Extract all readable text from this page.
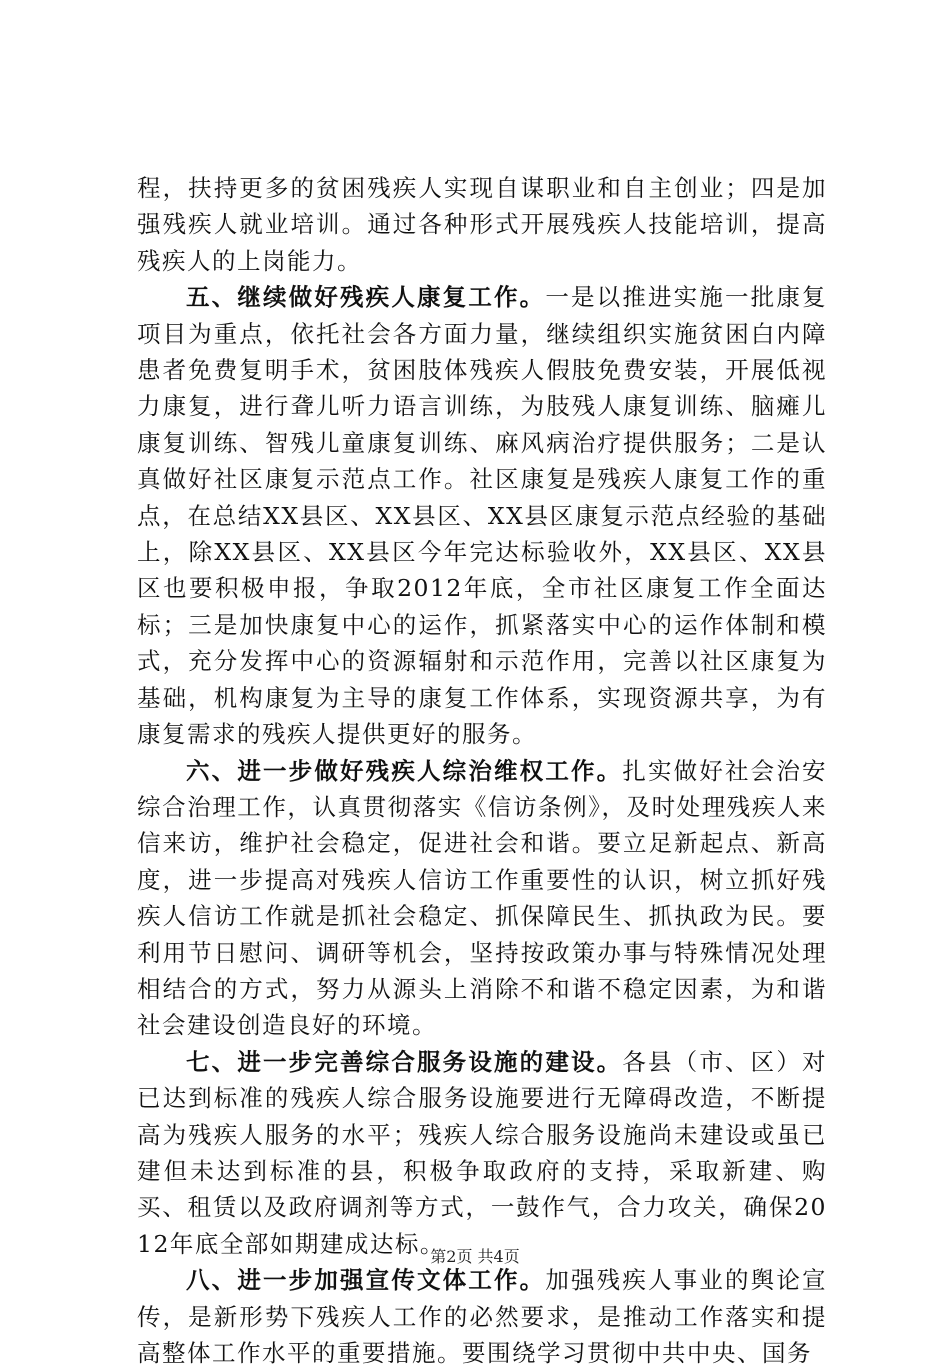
程，扶持更多的贫困残疾人实现自谋职业和自主创业；四是加强残疾人就业培训。通过各种形式开展残疾人技能培训，提高残疾人的上岗能力。

五、继续做好残疾人康复工作。一是以推进实施一批康复项目为重点，依托社会各方面力量，继续组织实施贫困白内障患者免费复明手术，贫困肢体残疾人假肢免费安装，开展低视力康复，进行聋儿听力语言训练，为肢残人康复训练、脑瘫儿康复训练、智残儿童康复训练、麻风病治疗提供服务；二是认真做好社区康复示范点工作。社区康复是残疾人康复工作的重点，在总结XX县区、XX县区、XX县区康复示范点经验的基础上，除XX县区、XX县区今年完达标验收外，XX县区、XX县区也要积极申报，争取2012年底，全市社区康复工作全面达标；三是加快康复中心的运作，抓紧落实中心的运作体制和模式，充分发挥中心的资源辐射和示范作用，完善以社区康复为基础，机构康复为主导的康复工作体系，实现资源共享，为有康复需求的残疾人提供更好的服务。

六、进一步做好残疾人综治维权工作。扎实做好社会治安综合治理工作，认真贯彻落实《信访条例》，及时处理残疾人来信来访，维护社会稳定，促进社会和谐。要立足新起点、新高度，进一步提高对残疾人信访工作重要性的认识，树立抓好残疾人信访工作就是抓社会稳定、抓保障民生、抓执政为民。要利用节日慰问、调研等机会，坚持按政策办事与特殊情况处理相结合的方式，努力从源头上消除不和谐不稳定因素，为和谐社会建设创造良好的环境。

七、进一步完善综合服务设施的建设。各县（市、区）对已达到标准的残疾人综合服务设施要进行无障碍改造，不断提高为残疾人服务的水平；残疾人综合服务设施尚未建设或虽已建但未达到标准的县，积极争取政府的支持，采取新建、购买、租赁以及政府调剂等方式，一鼓作气，合力攻关，确保2012年底全部如期建成达标。

八、进一步加强宣传文体工作。加强残疾人事业的舆论宣传，是新形势下残疾人工作的必然要求，是推动工作落实和提高整体工作水平的重要措施。要围绕学习贯彻中共中央、国务

第2页 共4页
